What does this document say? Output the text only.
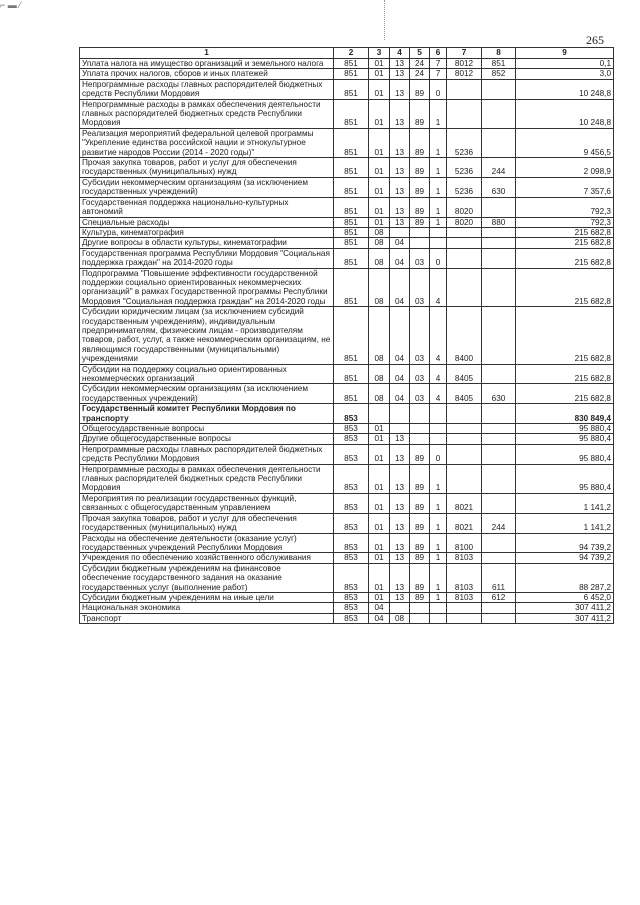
⌐ ▬ ⁄
265
1	2	3	4	5	6	7	8	9
Уплата налога на имущество организаций и земельного налога	851	01	13	24	7	8012	851	0,1
Уплата прочих налогов, сборов и иных платежей	851	01	13	24	7	8012	852	3,0
Непрограммные расходы главных распорядителей бюджетных средств Республики Мордовия	851	01	13	89	0			10 248,8
Непрограммные расходы в рамках обеспечения деятельности главных распорядителей бюджетных средств Республики Мордовия	851	01	13	89	1			10 248,8
Реализация мероприятий федеральной целевой программы "Укрепление единства российской нации и этнокультурное развитие народов России (2014 - 2020 годы)"	851	01	13	89	1	5236		9 456,5
Прочая закупка товаров, работ и услуг для обеспечения государственных (муниципальных) нужд	851	01	13	89	1	5236	244	2 098,9
Субсидии некоммерческим организациям (за исключением государственных учреждений)	851	01	13	89	1	5236	630	7 357,6
Государственная поддержка национально-культурных автономий	851	01	13	89	1	8020		792,3
Специальные расходы	851	01	13	89	1	8020	880	792,3
Культура, кинематография	851	08						215 682,8
Другие вопросы в области культуры, кинематографии	851	08	04					215 682,8
Государственная программа Республики Мордовия "Социальная поддержка граждан" на 2014-2020 годы	851	08	04	03	0			215 682,8
Подпрограмма "Повышение эффективности государственной поддержки социально ориентированных некоммерческих организаций" в рамках Государственной программы Республики Мордовия "Социальная поддержка граждан" на 2014-2020 годы	851	08	04	03	4			215 682,8
Субсидии юридическим лицам (за исключением субсидий государственным учреждениям), индивидуальным предпринимателям, физическим лицам - производителям товаров, работ, услуг, а также некоммерческим организациям, не являющимся государственными (муниципальными) учреждениями	851	08	04	03	4	8400		215 682,8
Субсидии на поддержку социально ориентированных некоммерческих организаций	851	08	04	03	4	8405		215 682,8
Субсидии некоммерческим организациям (за исключением государственных учреждений)	851	08	04	03	4	8405	630	215 682,8
Государственный комитет Республики Мордовия по транспорту	853							830 849,4
Общегосударственные вопросы	853	01						95 880,4
Другие общегосударственные вопросы	853	01	13					95 880,4
Непрограммные расходы главных распорядителей бюджетных средств Республики Мордовия	853	01	13	89	0			95 880,4
Непрограммные расходы в рамках обеспечения деятельности главных распорядителей бюджетных средств Республики Мордовия	853	01	13	89	1			95 880,4
Мероприятия по реализации государственных функций, связанных с общегосударственным управлением	853	01	13	89	1	8021		1 141,2
Прочая закупка товаров, работ и услуг для обеспечения государственных (муниципальных) нужд	853	01	13	89	1	8021	244	1 141,2
Расходы на обеспечение деятельности (оказание услуг) государственных учреждений Республики Мордовия	853	01	13	89	1	8100		94 739,2
Учреждения по обеспечению хозяйственного обслуживания	853	01	13	89	1	8103		94 739,2
Субсидии бюджетным учреждениям на финансовое обеспечение государственного задания на оказание государственных услуг (выполнение работ)	853	01	13	89	1	8103	611	88 287,2
Субсидии бюджетным учреждениям на иные цели	853	01	13	89	1	8103	612	6 452,0
Национальная экономика	853	04						307 411,2
Транспорт	853	04	08					307 411,2
